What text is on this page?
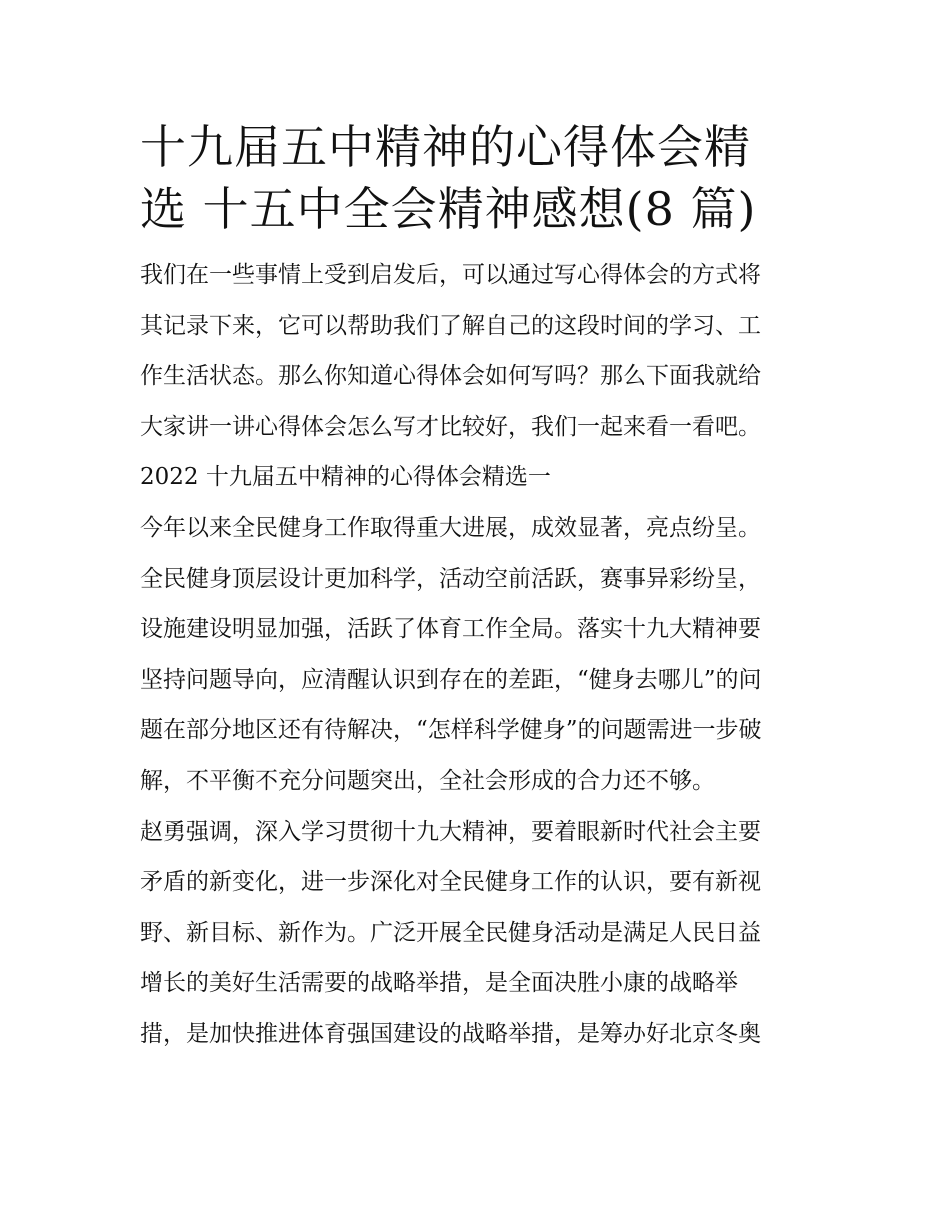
十九届五中精神的心得体会精
选 十五中全会精神感想(8 篇)
我们在一些事情上受到启发后，可以通过写心得体会的方式将
其记录下来，它可以帮助我们了解自己的这段时间的学习、工
作生活状态。那么你知道心得体会如何写吗？那么下面我就给
大家讲一讲心得体会怎么写才比较好，我们一起来看一看吧。
2022 十九届五中精神的心得体会精选一
今年以来全民健身工作取得重大进展，成效显著，亮点纷呈。
全民健身顶层设计更加科学，活动空前活跃，赛事异彩纷呈，
设施建设明显加强，活跃了体育工作全局。落实十九大精神要
坚持问题导向，应清醒认识到存在的差距，“健身去哪儿”的问
题在部分地区还有待解决，“怎样科学健身”的问题需进一步破
解，不平衡不充分问题突出，全社会形成的合力还不够。
赵勇强调，深入学习贯彻十九大精神，要着眼新时代社会主要
矛盾的新变化，进一步深化对全民健身工作的认识，要有新视
野、新目标、新作为。广泛开展全民健身活动是满足人民日益
增长的美好生活需要的战略举措，是全面决胜小康的战略举
措，是加快推进体育强国建设的战略举措，是筹办好北京冬奥
